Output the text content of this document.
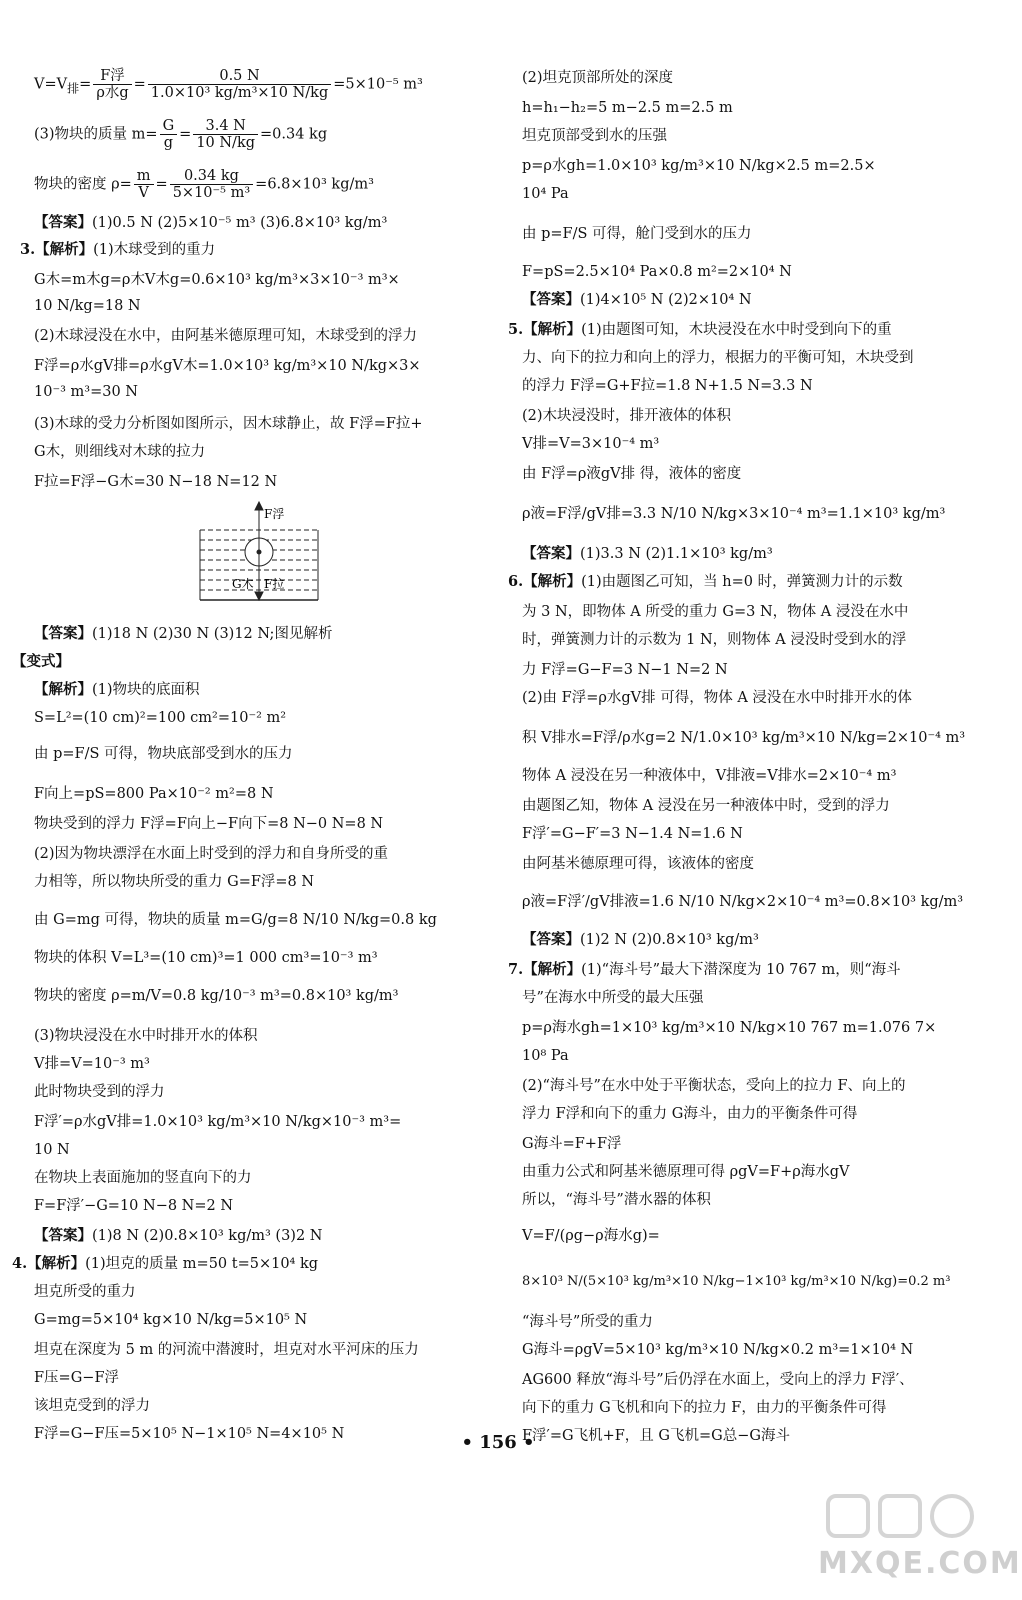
$V=V_排= \frac{\text{F浮}}{\text{ρ水g}} = \frac{0.5 N}{\text{1.0×10³ kg/m³×10 N/kg}} =5\times 10^{-5}$ m³
(3)物块的质量 $m= \frac{G}{g} = \frac{3.4 N}{10 N/kg} =0.34$ kg
物块的密度 $\rho= \frac{m}{V} = \frac{0.34 kg}{\text{5×10⁻⁵ m³}} =6.8\times 10^3$ kg/m³
【答案】(1)0.5 N (2)5×10⁻⁵ m³ (3)6.8×10³ kg/m³
3.【解析】(1)木球受到的重力
G木=m木g=ρ木V木g=0.6×10³ kg/m³×3×10⁻³ m³×
10 N/kg=18 N
(2)木球浸没在水中，由阿基米德原理可知，木球受到的浮力
F浮=ρ水gV排=ρ水gV木=1.0×10³ kg/m³×10 N/kg×3×
10⁻³ m³=30 N
(3)木球的受力分析图如图所示，因木球静止，故 F浮=F拉+
G木，则细线对木球的拉力
F拉=F浮−G木=30 N−18 N=12 N
F浮
G木 F拉
【答案】(1)18 N (2)30 N (3)12 N;图见解析
【变式】
【解析】(1)物块的底面积
S=L²=(10 cm)²=100 cm²=10⁻² m²
由 p=F/S 可得，物块底部受到水的压力
F向上=pS=800 Pa×10⁻² m²=8 N
物块受到的浮力 F浮=F向上−F向下=8 N−0 N=8 N
(2)因为物块漂浮在水面上时受到的浮力和自身所受的重
力相等，所以物块所受的重力 G=F浮=8 N
由 G=mg 可得，物块的质量 m=G/g=8 N/10 N/kg=0.8 kg
物块的体积 V=L³=(10 cm)³=1 000 cm³=10⁻³ m³
物块的密度 ρ=m/V=0.8 kg/10⁻³ m³=0.8×10³ kg/m³
(3)物块浸没在水中时排开水的体积
V排=V=10⁻³ m³
此时物块受到的浮力
F浮′=ρ水gV排=1.0×10³ kg/m³×10 N/kg×10⁻³ m³=
10 N
在物块上表面施加的竖直向下的力
F=F浮′−G=10 N−8 N=2 N
【答案】(1)8 N (2)0.8×10³ kg/m³ (3)2 N
4.【解析】(1)坦克的质量 m=50 t=5×10⁴ kg
坦克所受的重力
G=mg=5×10⁴ kg×10 N/kg=5×10⁵ N
坦克在深度为 5 m 的河流中潜渡时，坦克对水平河床的压力
F压=G−F浮
该坦克受到的浮力
F浮=G−F压=5×10⁵ N−1×10⁵ N=4×10⁵ N
(2)坦克顶部所处的深度
h=h₁−h₂=5 m−2.5 m=2.5 m
坦克顶部受到水的压强
p=ρ水gh=1.0×10³ kg/m³×10 N/kg×2.5 m=2.5×
10⁴ Pa
由 p=F/S 可得，舱门受到水的压力
F=pS=2.5×10⁴ Pa×0.8 m²=2×10⁴ N
【答案】(1)4×10⁵ N (2)2×10⁴ N
5.【解析】(1)由题图可知，木块浸没在水中时受到向下的重
力、向下的拉力和向上的浮力，根据力的平衡可知，木块受到
的浮力 F浮=G+F拉=1.8 N+1.5 N=3.3 N
(2)木块浸没时，排开液体的体积
V排=V=3×10⁻⁴ m³
由 F浮=ρ液gV排 得，液体的密度
ρ液=F浮/gV排=3.3 N/10 N/kg×3×10⁻⁴ m³=1.1×10³ kg/m³
【答案】(1)3.3 N (2)1.1×10³ kg/m³
6.【解析】(1)由题图乙可知，当 h=0 时，弹簧测力计的示数
为 3 N，即物体 A 所受的重力 G=3 N，物体 A 浸没在水中
时，弹簧测力计的示数为 1 N，则物体 A 浸没时受到水的浮
力 F浮=G−F=3 N−1 N=2 N
(2)由 F浮=ρ水gV排 可得，物体 A 浸没在水中时排开水的体
积 V排水=F浮/ρ水g=2 N/1.0×10³ kg/m³×10 N/kg=2×10⁻⁴ m³
物体 A 浸没在另一种液体中，V排液=V排水=2×10⁻⁴ m³
由题图乙知，物体 A 浸没在另一种液体中时，受到的浮力
F浮′=G−F′=3 N−1.4 N=1.6 N
由阿基米德原理可得，该液体的密度
ρ液=F浮′/gV排液=1.6 N/10 N/kg×2×10⁻⁴ m³=0.8×10³ kg/m³
【答案】(1)2 N (2)0.8×10³ kg/m³
7.【解析】(1)“海斗号”最大下潜深度为 10 767 m，则“海斗
号”在海水中所受的最大压强
p=ρ海水gh=1×10³ kg/m³×10 N/kg×10 767 m=1.076 7×
10⁸ Pa
(2)“海斗号”在水中处于平衡状态，受向上的拉力 F、向上的
浮力 F浮和向下的重力 G海斗，由力的平衡条件可得
G海斗=F+F浮
由重力公式和阿基米德原理可得 ρgV=F+ρ海水gV
所以，“海斗号”潜水器的体积
V=F/(ρg−ρ海水g)=
8×10³ N/(5×10³ kg/m³×10 N/kg−1×10³ kg/m³×10 N/kg)=0.2 m³
“海斗号”所受的重力
G海斗=ρgV=5×10³ kg/m³×10 N/kg×0.2 m³=1×10⁴ N
AG600 释放“海斗号”后仍浮在水面上，受向上的浮力 F浮′、
向下的重力 G飞机和向下的拉力 F，由力的平衡条件可得
F浮′=G飞机+F，且 G飞机=G总−G海斗
• 156 •
MXQE.COM
